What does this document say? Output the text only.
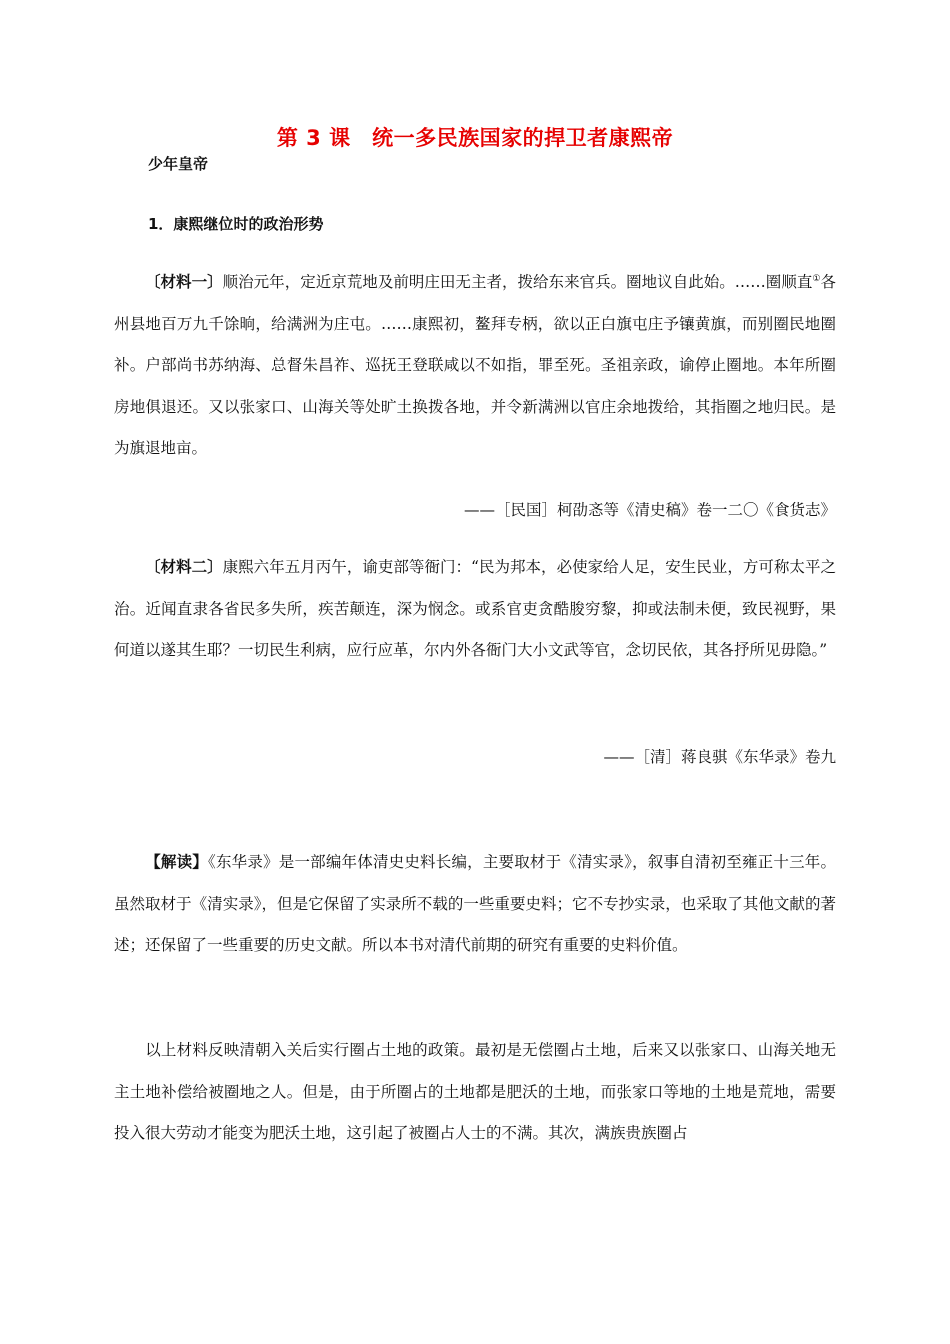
第 3 课　统一多民族国家的捍卫者康熙帝
少年皇帝
1．康熙继位时的政治形势

〔材料一〕顺治元年，定近京荒地及前明庄田无主者，拨给东来官兵。圈地议自此始。……圈顺直①各州县地百万九千馀晌，给满洲为庄屯。……康熙初，鳌拜专柄，欲以正白旗屯庄予镶黄旗，而别圈民地圈补。户部尚书苏纳海、总督朱昌祚、巡抚王登联咸以不如指，罪至死。圣祖亲政，谕停止圈地。本年所圈房地俱退还。又以张家口、山海关等处旷土换拨各地，并令新满洲以官庄余地拨给，其指圈之地归民。是为旗退地亩。

——［民国］柯劭忞等《清史稿》卷一二〇《食货志》

〔材料二〕康熙六年五月丙午，谕吏部等衙门：“民为邦本，必使家给人足，安生民业，方可称太平之治。近闻直隶各省民多失所，疾苦颠连，深为悯念。或系官吏贪酷朘穷黎，抑或法制未便，致民视野，果何道以遂其生耶？一切民生利病，应行应革，尔内外各衙门大小文武等官，念切民依，其各抒所见毋隐。”

——［清］蒋良骐《东华录》卷九

【解读】《东华录》是一部编年体清史史料长编，主要取材于《清实录》，叙事自清初至雍正十三年。虽然取材于《清实录》，但是它保留了实录所不载的一些重要史料；它不专抄实录，也采取了其他文献的著述；还保留了一些重要的历史文献。所以本书对清代前期的研究有重要的史料价值。

以上材料反映清朝入关后实行圈占土地的政策。最初是无偿圈占土地，后来又以张家口、山海关地无主土地补偿给被圈地之人。但是，由于所圈占的土地都是肥沃的土地，而张家口等地的土地是荒地，需要投入很大劳动才能变为肥沃土地，这引起了被圈占人士的不满。其次，满族贵族圈占
